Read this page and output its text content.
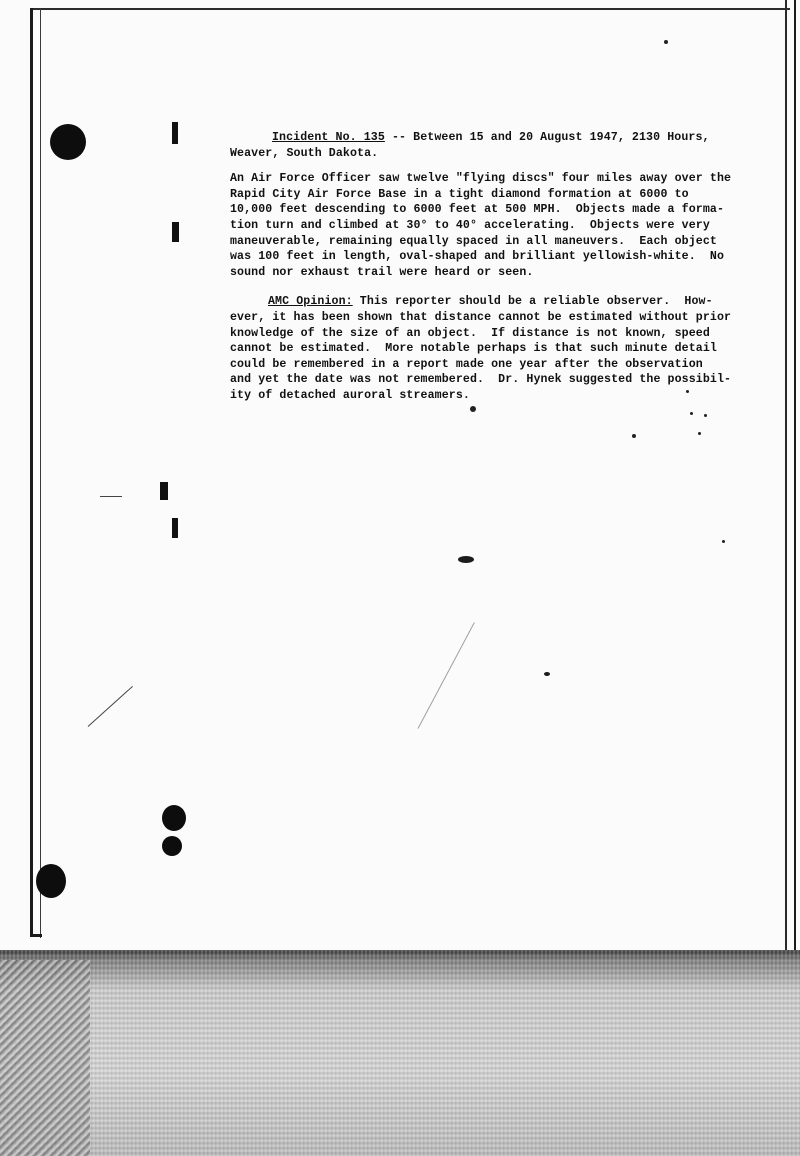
Incident No. 135 -- Between 15 and 20 August 1947, 2130 Hours,
Weaver, South Dakota.
An Air Force Officer saw twelve "flying discs" four miles away over the
Rapid City Air Force Base in a tight diamond formation at 6000 to
10,000 feet descending to 6000 feet at 500 MPH.  Objects made a forma-
tion turn and climbed at 30° to 40° accelerating.  Objects were very
maneuverable, remaining equally spaced in all maneuvers.  Each object
was 100 feet in length, oval-shaped and brilliant yellowish-white.  No
sound nor exhaust trail were heard or seen.
AMC Opinion: This reporter should be a reliable observer.  How-
ever, it has been shown that distance cannot be estimated without prior
knowledge of the size of an object.  If distance is not known, speed
cannot be estimated.  More notable perhaps is that such minute detail
could be remembered in a report made one year after the observation
and yet the date was not remembered.  Dr. Hynek suggested the possibil-
ity of detached auroral streamers.
